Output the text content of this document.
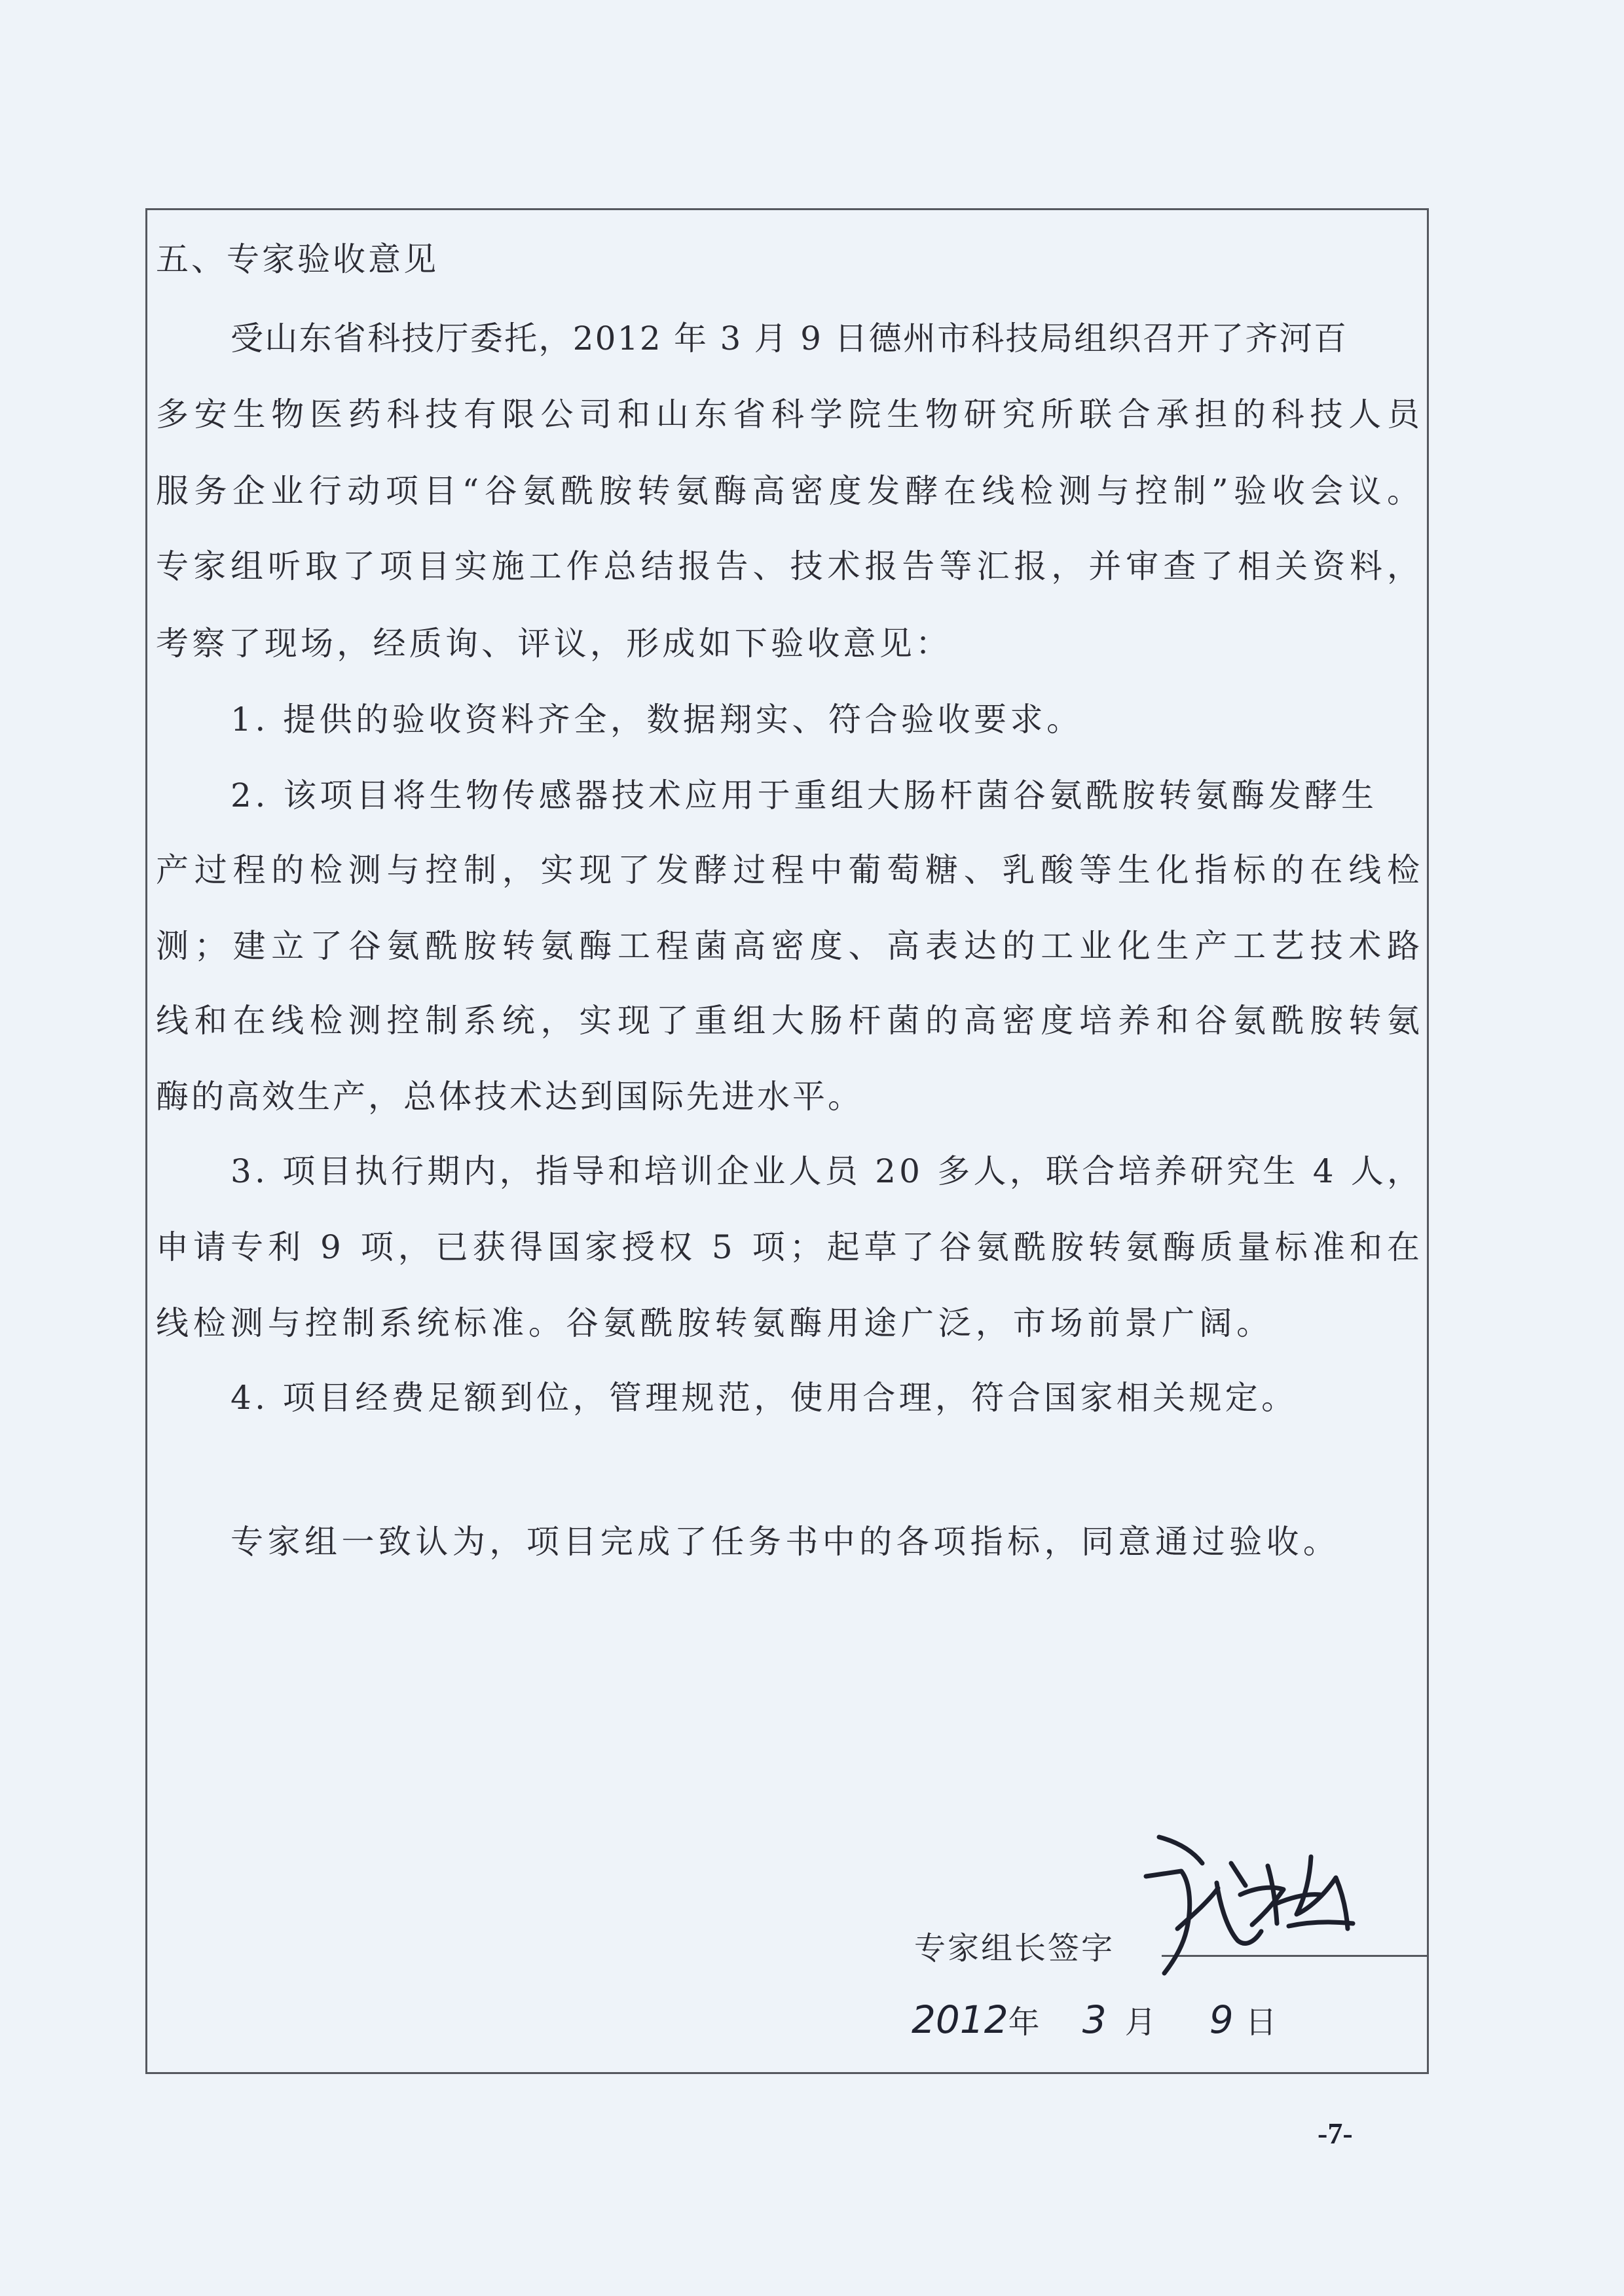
五、专家验收意见
受山东省科技厅委托，2012 年 3 月 9 日德州市科技局组织召开了齐河百
多安生物医药科技有限公司和山东省科学院生物研究所联合承担的科技人员
服务企业行动项目“谷氨酰胺转氨酶高密度发酵在线检测与控制”验收会议。
专家组听取了项目实施工作总结报告、技术报告等汇报，并审查了相关资料，
考察了现场，经质询、评议，形成如下验收意见：
1. 提供的验收资料齐全，数据翔实、符合验收要求。
2. 该项目将生物传感器技术应用于重组大肠杆菌谷氨酰胺转氨酶发酵生
产过程的检测与控制，实现了发酵过程中葡萄糖、乳酸等生化指标的在线检
测；建立了谷氨酰胺转氨酶工程菌高密度、高表达的工业化生产工艺技术路
线和在线检测控制系统，实现了重组大肠杆菌的高密度培养和谷氨酰胺转氨
酶的高效生产，总体技术达到国际先进水平。
3. 项目执行期内，指导和培训企业人员 20 多人，联合培养研究生 4 人，
申请专利 9 项，已获得国家授权 5 项；起草了谷氨酰胺转氨酶质量标准和在
线检测与控制系统标准。谷氨酰胺转氨酶用途广泛，市场前景广阔。
4. 项目经费足额到位，管理规范，使用合理，符合国家相关规定。
专家组一致认为，项目完成了任务书中的各项指标，同意通过验收。
专家组长签字
2012年 3 月 9 日
-7-
